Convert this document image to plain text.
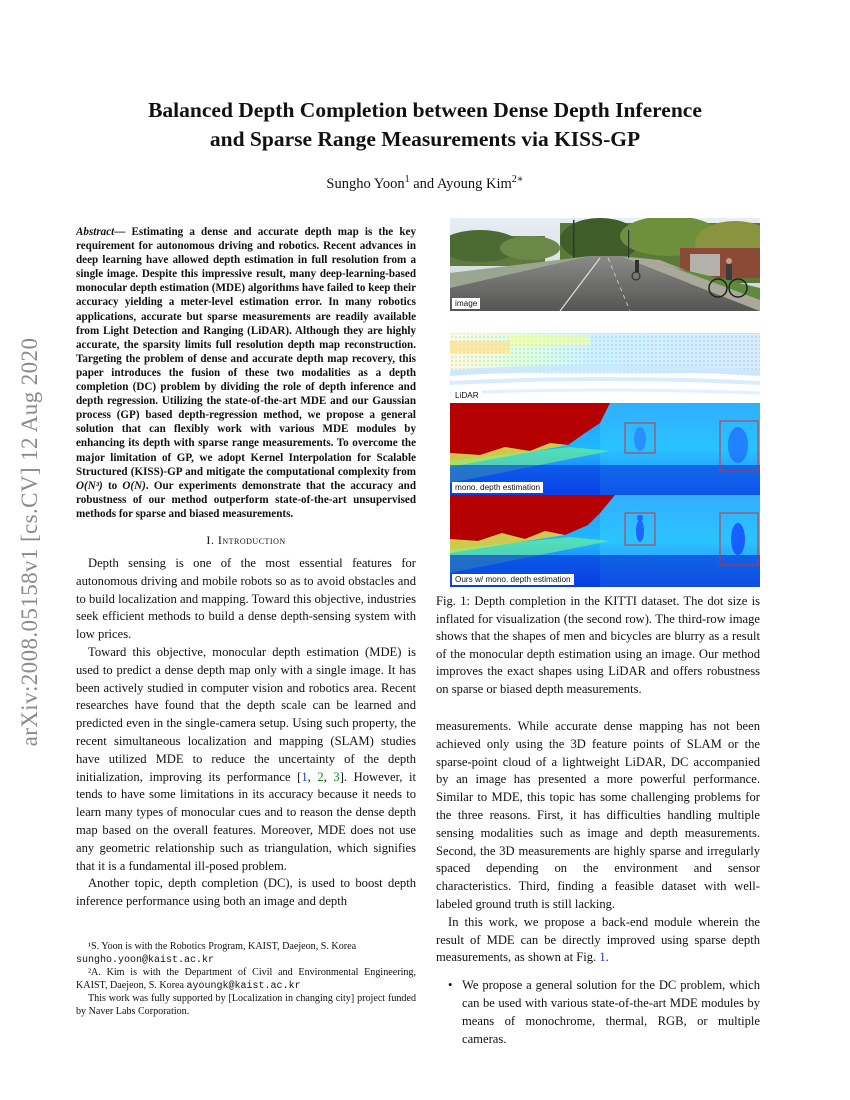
arXiv:2008.05158v1 [cs.CV] 12 Aug 2020
Balanced Depth Completion between Dense Depth Inference
and Sparse Range Measurements via KISS-GP
Sungho Yoon$^1$ and Ayoung Kim$^{2∗}$

Abstract— Estimating a dense and accurate depth map is the key requirement for autonomous driving and robotics. Recent advances in deep learning have allowed depth estimation in full resolution from a single image. Despite this impressive result, many deep-learning-based monocular depth estimation (MDE) algorithms have failed to keep their accuracy yielding a meter-level estimation error. In many robotics applications, accurate but sparse measurements are readily available from Light Detection and Ranging (LiDAR). Although they are highly accurate, the sparsity limits full resolution depth map reconstruction. Targeting the problem of dense and accurate depth map recovery, this paper introduces the fusion of these two modalities as a depth completion (DC) problem by dividing the role of depth inference and depth regression. Utilizing the state-of-the-art MDE and our Gaussian process (GP) based depth-regression method, we propose a general solution that can flexibly work with various MDE modules by enhancing its depth with sparse range measurements. To overcome the major limitation of GP, we adopt Kernel Interpolation for Scalable Structured (KISS)-GP and mitigate the computational complexity from O(N³) to O(N). Our experiments demonstrate that the accuracy and robustness of our method outperform state-of-the-art unsupervised methods for sparse and biased measurements.

I. Introduction

Depth sensing is one of the most essential features for autonomous driving and mobile robots so as to avoid obstacles and to build localization and mapping. Toward this objective, industries seek efficient methods to build a dense depth-sensing system with low prices.

Toward this objective, monocular depth estimation (MDE) is used to predict a dense depth map only with a single image. It has been actively studied in computer vision and robotics area. Recent researches have found that the depth scale can be learned and predicted even in the single-camera setup. Using such property, the recent simultaneous localization and mapping (SLAM) studies have utilized MDE to reduce the uncertainty of the depth initialization, improving its performance [1, 2, 3]. However, it tends to have some limitations in its accuracy because it needs to learn many types of monocular cues and to reason the dense depth map based on the overall features. Moreover, MDE does not use any geometric relationship such as triangulation, which signifies that it is a fundamental ill-posed problem.

Another topic, depth completion (DC), is used to boost depth inference performance using both an image and depth

¹S. Yoon is with the Robotics Program, KAIST, Daejeon, S. Korea
sungho.yoon@kaist.ac.kr

²A. Kim is with the Department of Civil and Environmental Engineering, KAIST, Daejeon, S. Korea ayoungk@kaist.ac.kr

This work was fully supported by [Localization in changing city] project funded by Naver Labs Corporation.

image
LiDAR
mono. depth estimation
Ours w/ mono. depth estimation

Fig. 1: Depth completion in the KITTI dataset. The dot size is inflated for visualization (the second row). The third-row image shows that the shapes of men and bicycles are blurry as a result of the monocular depth estimation using an image. Our method improves the exact shapes using LiDAR and offers robustness on sparse or biased depth measurements.

measurements. While accurate dense mapping has not been achieved only using the 3D feature points of SLAM or the sparse-point cloud of a lightweight LiDAR, DC accompanied by an image has presented a more powerful performance. Similar to MDE, this topic has some challenging problems for the three reasons. First, it has difficulties handling multiple sensing modalities such as image and depth measurements. Second, the 3D measurements are highly sparse and irregularly spaced depending on the environment and sensor characteristics. Third, finding a feasible dataset with well-labeled ground truth is still lacking.

In this work, we propose a back-end module wherein the result of MDE can be directly improved using sparse depth measurements, as shown at Fig. 1.

• We propose a general solution for the DC problem, which can be used with various state-of-the-art MDE modules by means of monochrome, thermal, RGB, or multiple cameras.
